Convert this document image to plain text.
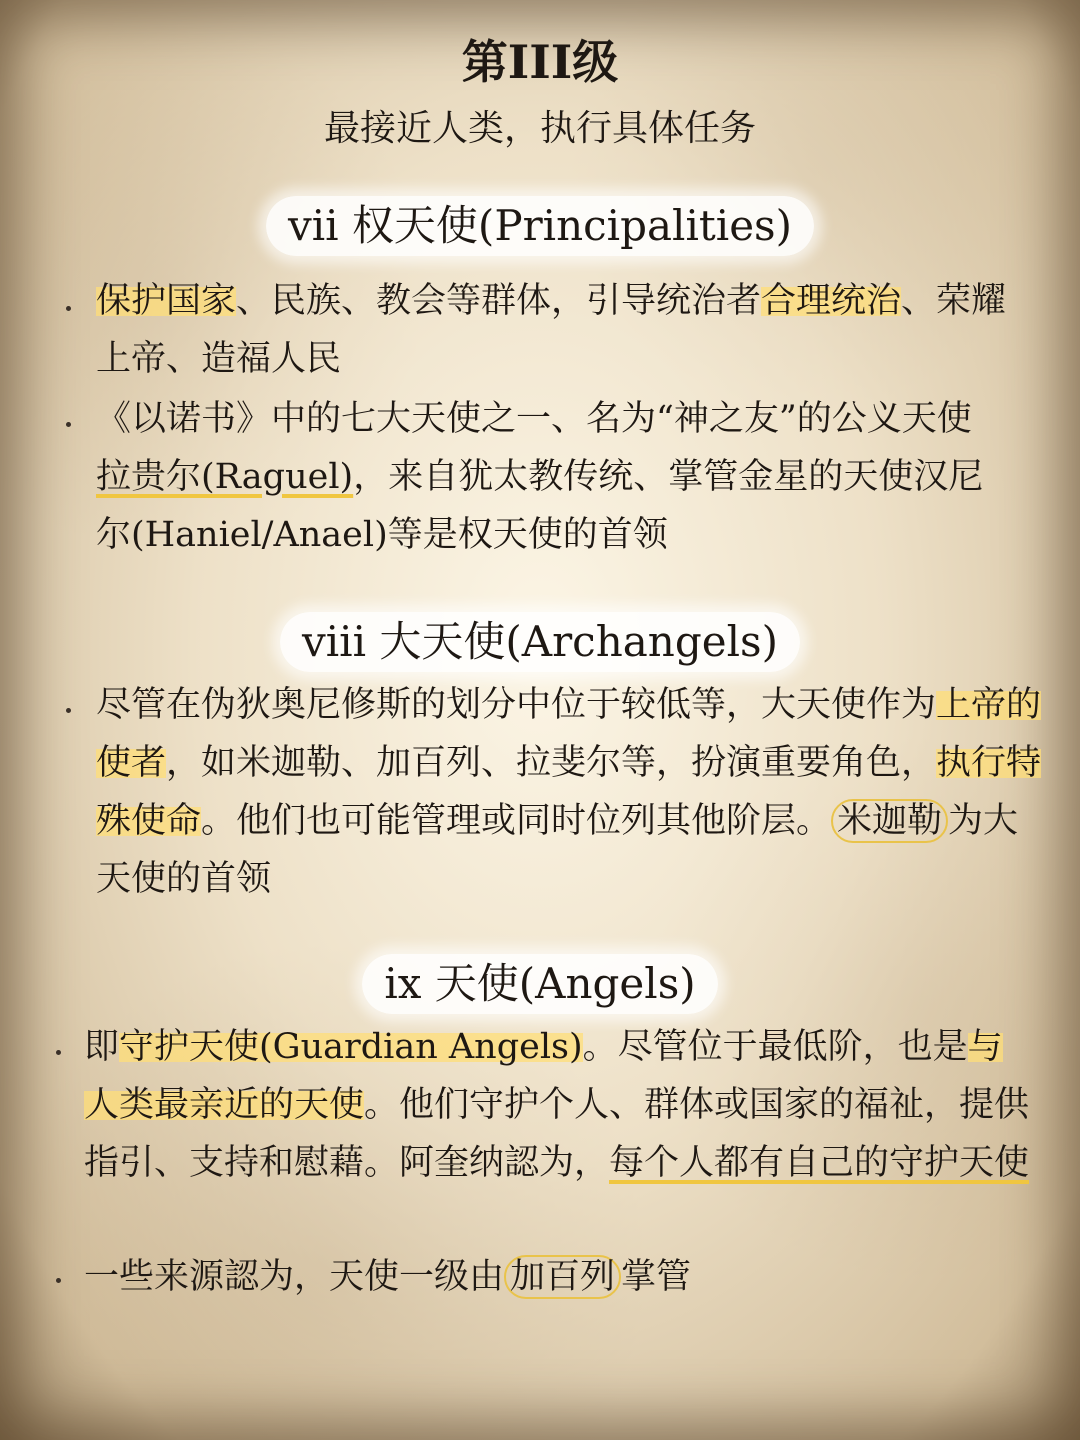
第III级
最接近人类，执行具体任务
vii 权天使(Principalities)

保护国家、民族、教会等群体，引导统治者合理统治、荣耀上帝、造福人民

《以诺书》中的七大天使之一、名为“神之友”的公义天使拉贵尔(Raguel)，来自犹太教传统、掌管金星的天使汉尼尔(Haniel/Anael)等是权天使的首领

viii 大天使(Archangels)

尽管在伪狄奥尼修斯的划分中位于较低等，大天使作为上帝的使者，如米迦勒、加百列、拉斐尔等，扮演重要角色，执行特殊使命。他们也可能管理或同时位列其他阶层。 米迦勒 为大天使的首领

ix 天使(Angels)

即守护天使(Guardian Angels)。尽管位于最低阶，也是与人类最亲近的天使。他们守护个人、群体或国家的福祉，提供指引、支持和慰藉。阿奎纳認为，每个人都有自己的守护天使

一些来源認为，天使一级由 加百列 掌管
